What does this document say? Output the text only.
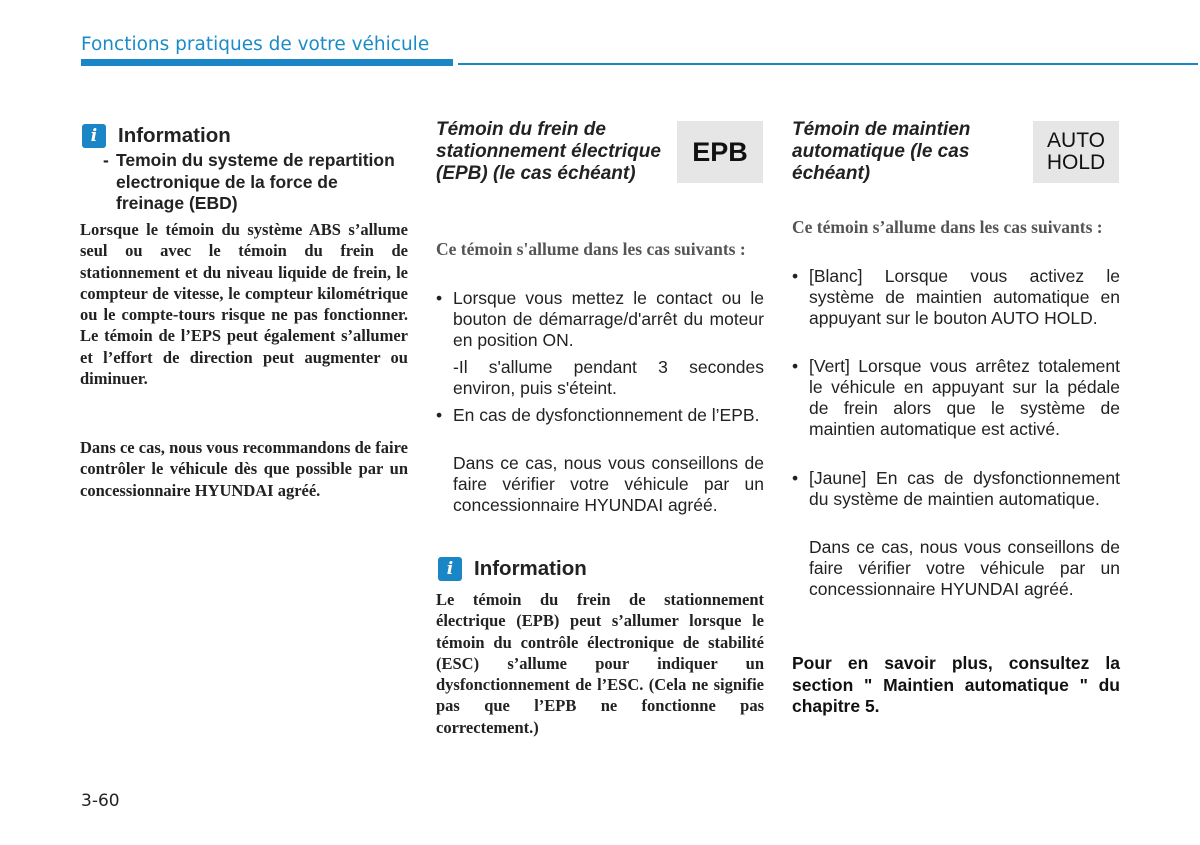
Fonctions pratiques de votre véhicule
i Information
- Temoin du systeme de repartition electronique de la force de freinage (EBD)

Lorsque le témoin du système ABS s’allume seul ou avec le témoin du frein de stationnement et du niveau liquide de frein, le compteur de vitesse, le compteur kilométrique ou le compte-tours risque ne pas fonctionner. Le témoin de l’EPS peut également s’allumer et l’effort de direction peut augmenter ou diminuer.

Dans ce cas, nous vous recommandons de faire contrôler le véhicule dès que possible par un concessionnaire HYUNDAI agréé.

Témoin du frein de stationnement électrique (EPB) (le cas échéant)

EPB

Ce témoin s'allume dans les cas suivants :

• Lorsque vous mettez le contact ou le bouton de démarrage/d'arrêt du moteur en position ON.

-Il s'allume pendant 3 secondes environ, puis s'éteint.

• En cas de dysfonctionnement de l’EPB.

Dans ce cas, nous vous conseillons de faire vérifier votre véhicule par un concessionnaire HYUNDAI agréé.

i Information

Le témoin du frein de stationnement électrique (EPB) peut s’allumer lorsque le témoin du contrôle électronique de stabilité (ESC) s’allume pour indiquer un dysfonctionnement de l’ESC. (Cela ne signifie pas que l’EPB ne fonctionne pas correctement.)

Témoin de maintien automatique (le cas échéant)

AUTO
HOLD

Ce témoin s’allume dans les cas suivants :

• [Blanc] Lorsque vous activez le système de maintien automatique en appuyant sur le bouton AUTO HOLD.
• [Vert] Lorsque vous arrêtez totalement le véhicule en appuyant sur la pédale de frein alors que le système de maintien automatique est activé.
• [Jaune] En cas de dysfonctionnement du système de maintien automatique.

Dans ce cas, nous vous conseillons de faire vérifier votre véhicule par un concessionnaire HYUNDAI agréé.

Pour en savoir plus, consultez la section " Maintien automatique " du chapitre 5.

3-60
